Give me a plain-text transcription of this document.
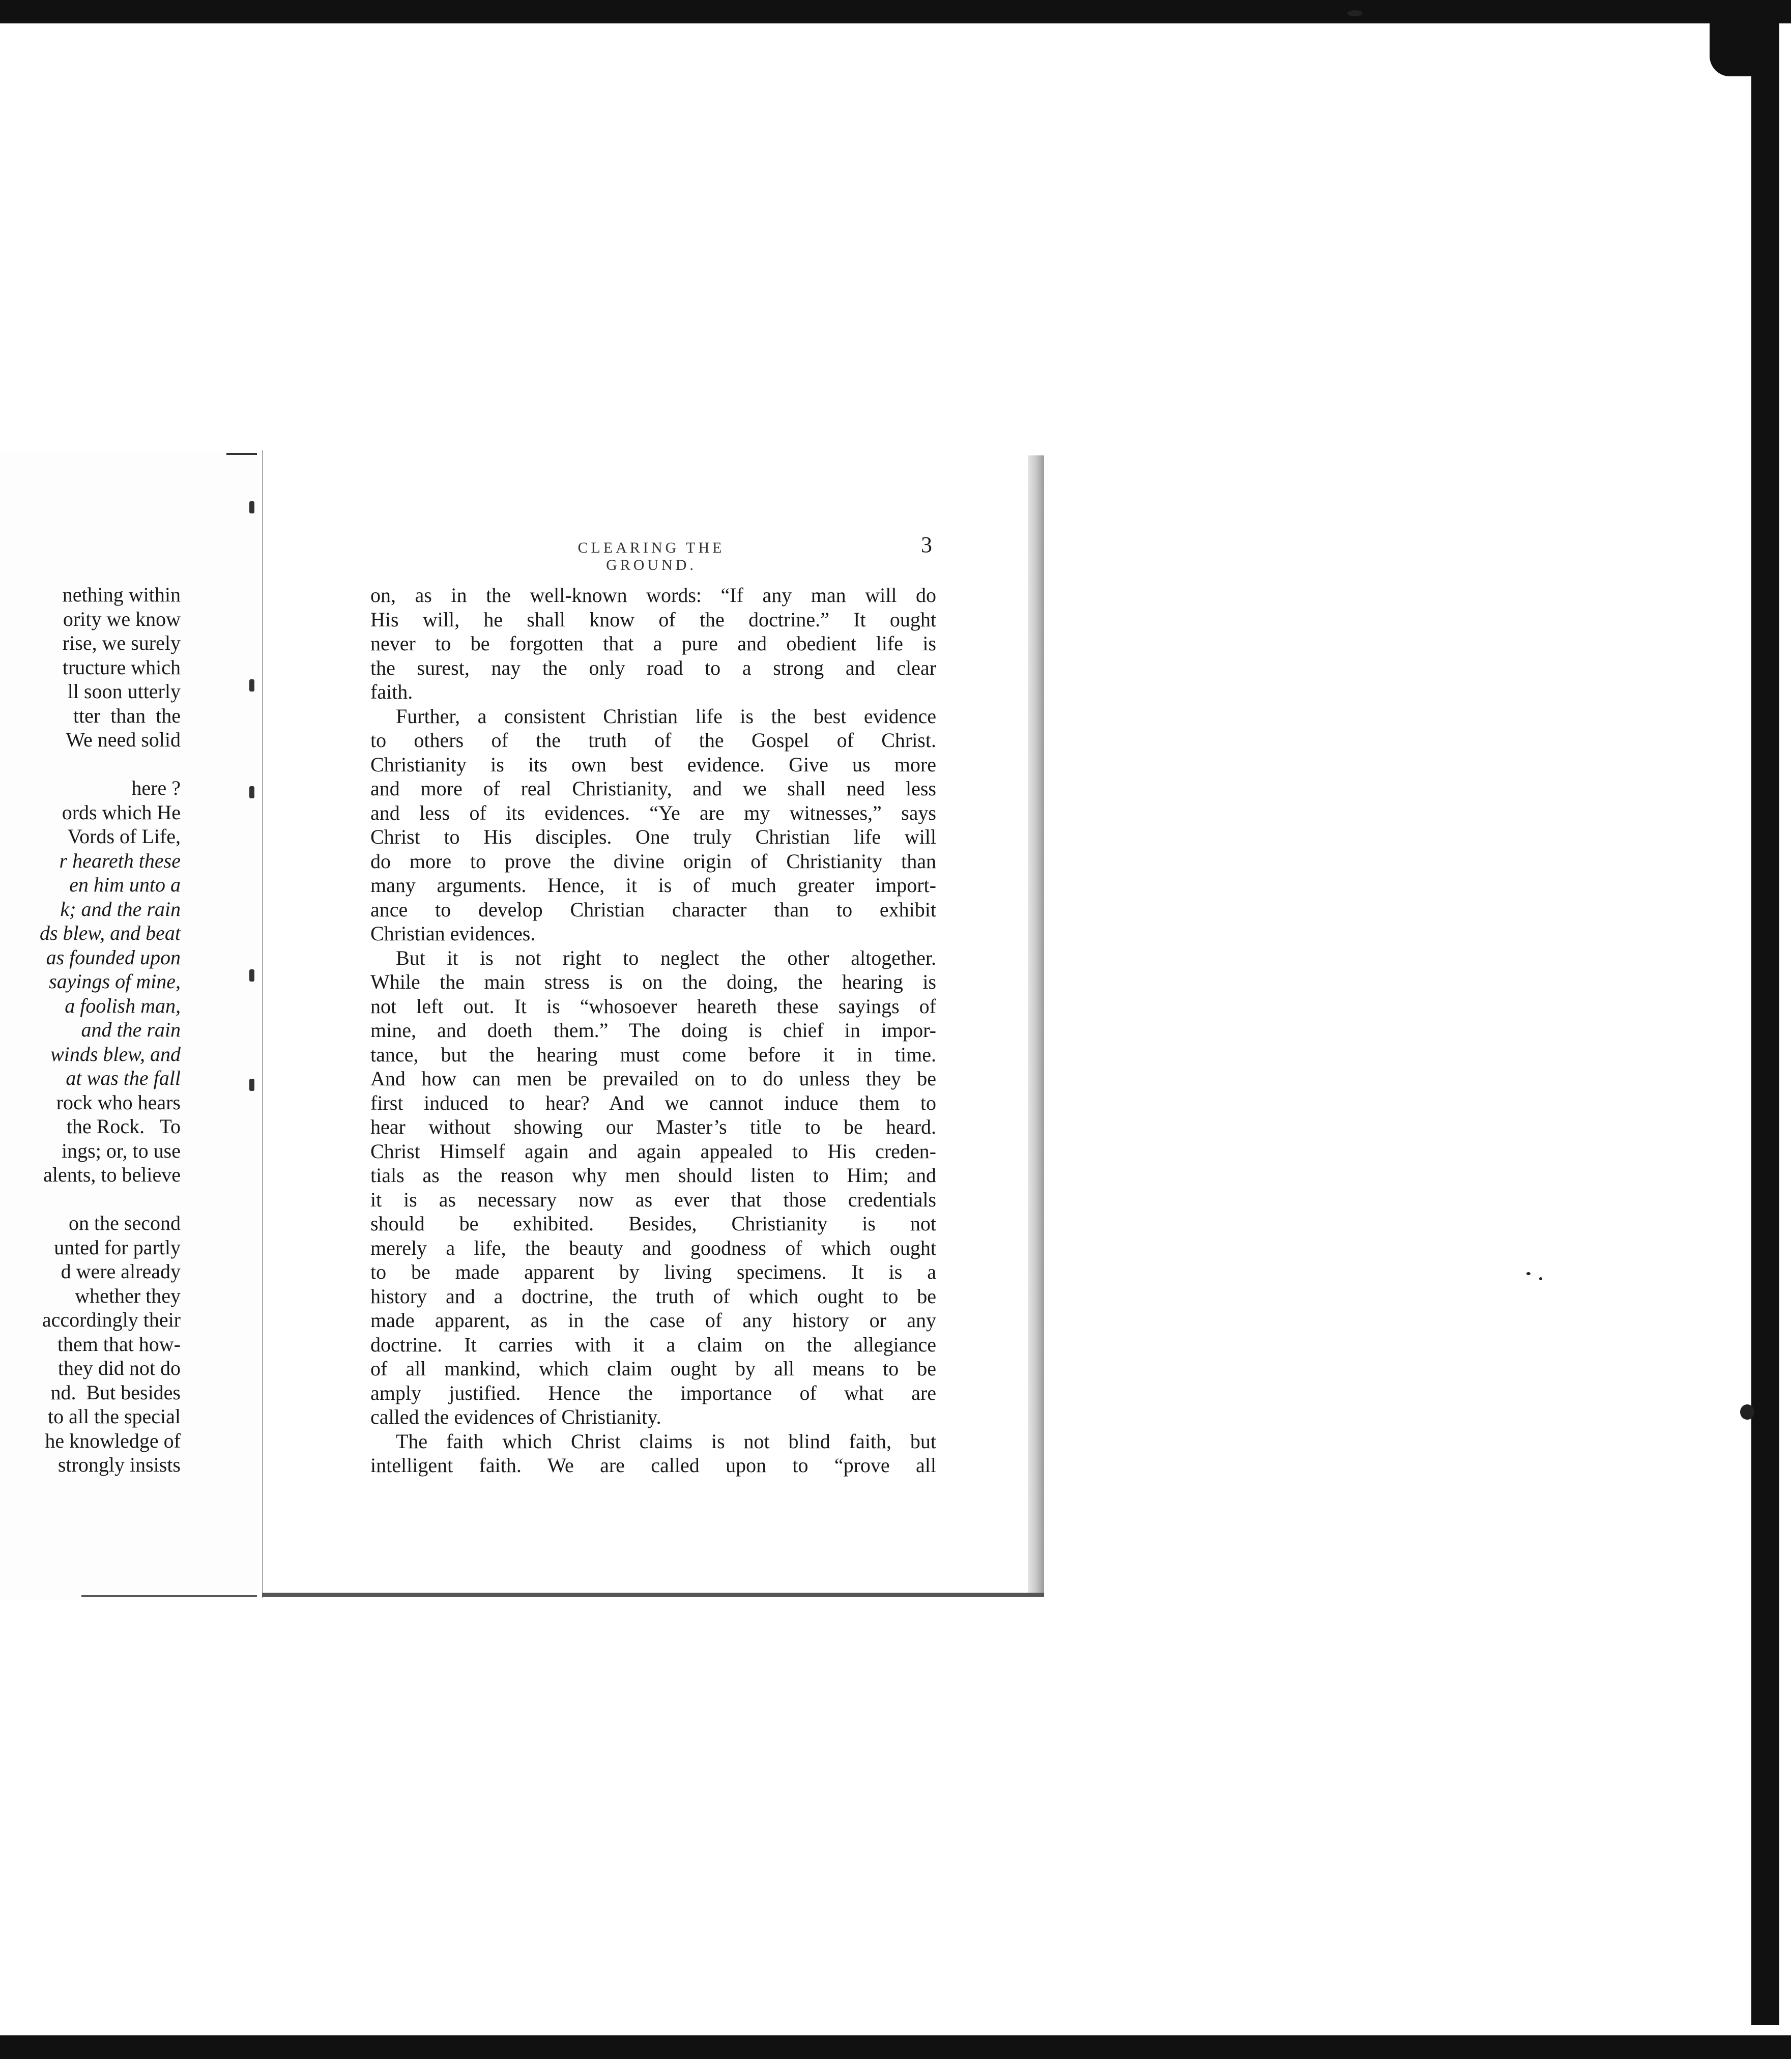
nething within
ority we know
rise, we surely
tructure which
ll soon utterly
tter  than  the
We need solid

here ?
ords which He
Vords of Life,
r heareth these
en him unto a
k; and the rain
ds blew, and beat
as founded upon
sayings of mine,
a foolish man,
and the rain
winds blew, and
at was the fall
rock who hears
the Rock.   To
ings; or, to use
alents, to believe

on the second
unted for partly
d were already
whether they
accordingly their
them that how-
they did not do
nd.  But besides
to all the special
he knowledge of
strongly insists
CLEARING THE GROUND.
3
on, as in the well-known words: “If any man will do
His will, he shall know of the doctrine.” It ought
never to be forgotten that a pure and obedient life is
the surest, nay the only road to a strong and clear
faith.
Further, a consistent Christian life is the best evidence
to others of the truth of the Gospel of Christ.
Christianity is its own best evidence. Give us more
and more of real Christianity, and we shall need less
and less of its evidences. “Ye are my witnesses,” says
Christ to His disciples. One truly Christian life will
do more to prove the divine origin of Christianity than
many arguments. Hence, it is of much greater import-
ance to develop Christian character than to exhibit
Christian evidences.
But it is not right to neglect the other altogether.
While the main stress is on the doing, the hearing is
not left out. It is “whosoever heareth these sayings of
mine, and doeth them.” The doing is chief in impor-
tance, but the hearing must come before it in time.
And how can men be prevailed on to do unless they be
first induced to hear? And we cannot induce them to
hear without showing our Master’s title to be heard.
Christ Himself again and again appealed to His creden-
tials as the reason why men should listen to Him; and
it is as necessary now as ever that those credentials
should be exhibited. Besides, Christianity is not
merely a life, the beauty and goodness of which ought
to be made apparent by living specimens. It is a
history and a doctrine, the truth of which ought to be
made apparent, as in the case of any history or any
doctrine. It carries with it a claim on the allegiance
of all mankind, which claim ought by all means to be
amply justified. Hence the importance of what are
called the evidences of Christianity.
The faith which Christ claims is not blind faith, but
intelligent faith. We are called upon to “prove all
